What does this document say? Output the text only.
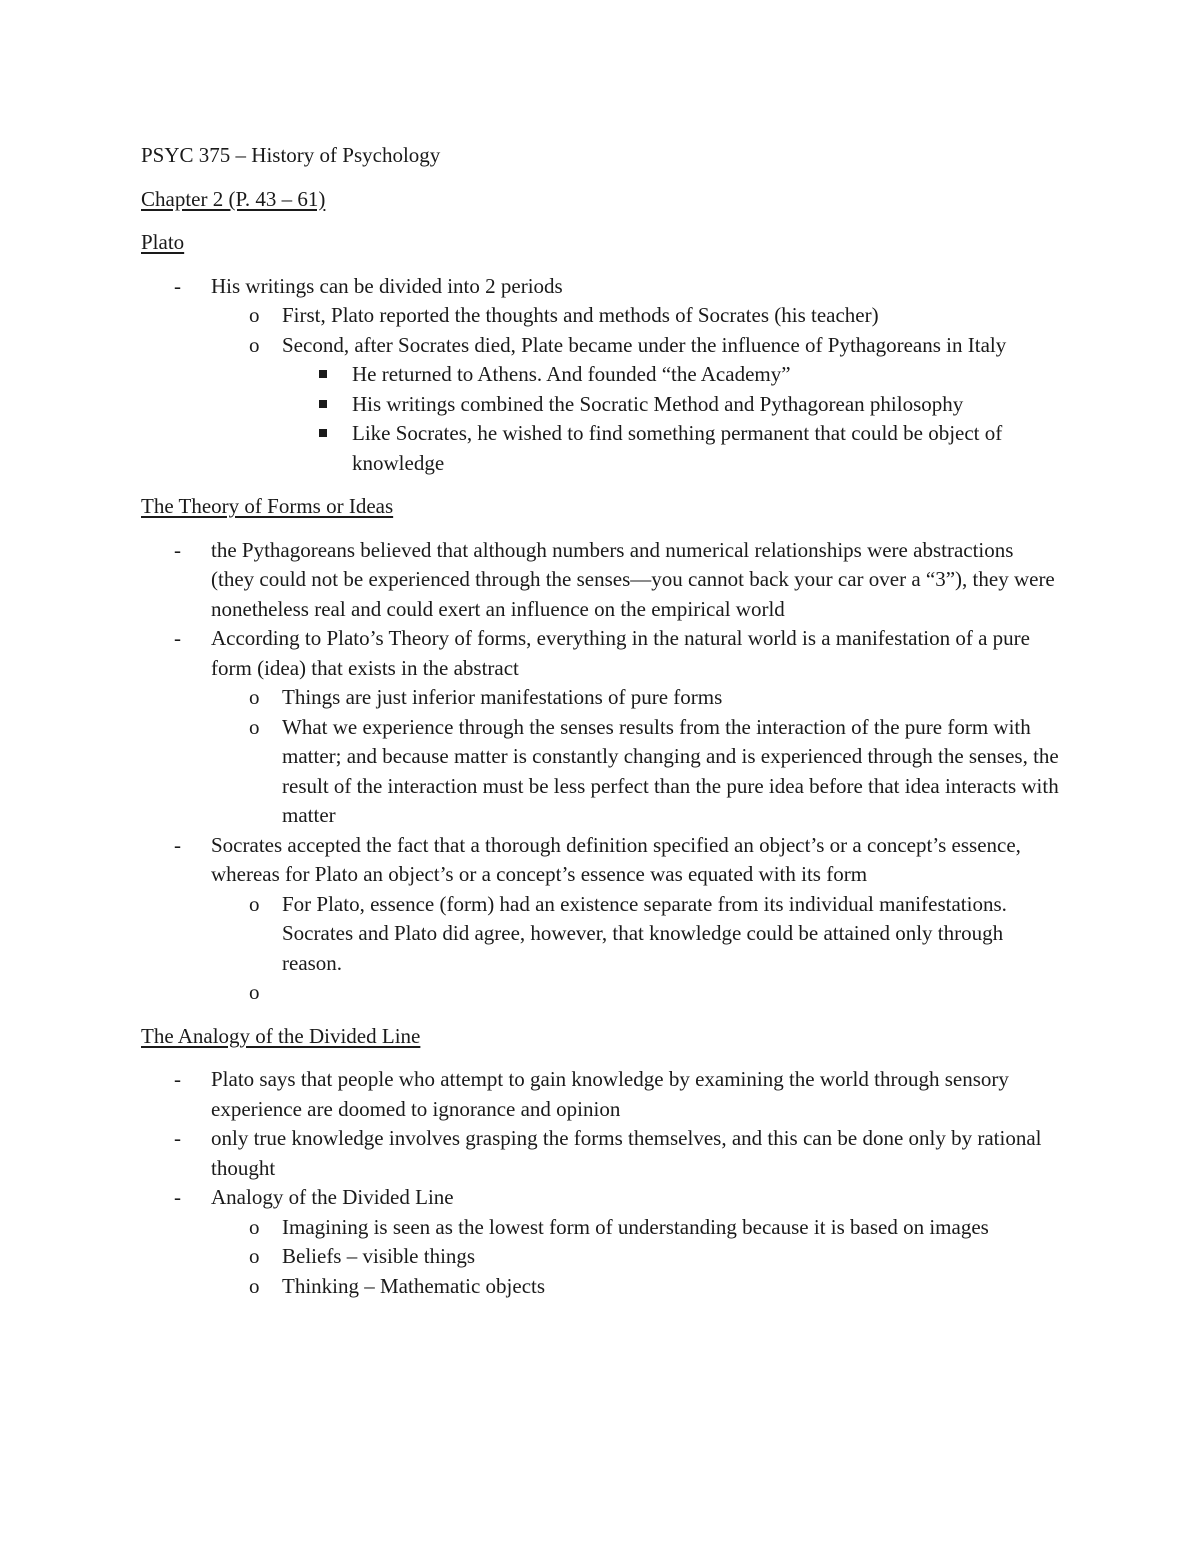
PSYC 375 – History of Psychology

Chapter 2 (P. 43 – 61)

Plato

-	His writings can be divided into 2 periods
o	First, Plato reported the thoughts and methods of Socrates (his teacher)
o	Second, after Socrates died, Plate became under the influence of Pythagoreans in Italy
He returned to Athens. And founded “the Academy”
His writings combined the Socratic Method and Pythagorean philosophy
Like Socrates, he wished to find something permanent that could be object of knowledge

The Theory of Forms or Ideas

-	the Pythagoreans believed that although numbers and numerical relationships were abstractions (they could not be experienced through the senses—you cannot back your car over a “3”), they were nonetheless real and could exert an influence on the empirical world
-	According to Plato’s Theory of forms, everything in the natural world is a manifestation of a pure form (idea) that exists in the abstract
o	Things are just inferior manifestations of pure forms
o	What we experience through the senses results from the interaction of the pure form with matter; and because matter is constantly changing and is experienced through the senses, the result of the interaction must be less perfect than the pure idea before that idea interacts with matter
-	Socrates accepted the fact that a thorough definition specified an object’s or a concept’s essence, whereas for Plato an object’s or a concept’s essence was equated with its form
o	For Plato, essence (form) had an existence separate from its individual manifestations. Socrates and Plato did agree, however, that knowledge could be attained only through reason.
o

The Analogy of the Divided Line

-	Plato says that people who attempt to gain knowledge by examining the world through sensory experience are doomed to ignorance and opinion
-	only true knowledge involves grasping the forms themselves, and this can be done only by rational thought
-	Analogy of the Divided Line
o	Imagining is seen as the lowest form of understanding because it is based on images
o	Beliefs – visible things
o	Thinking – Mathematic objects
